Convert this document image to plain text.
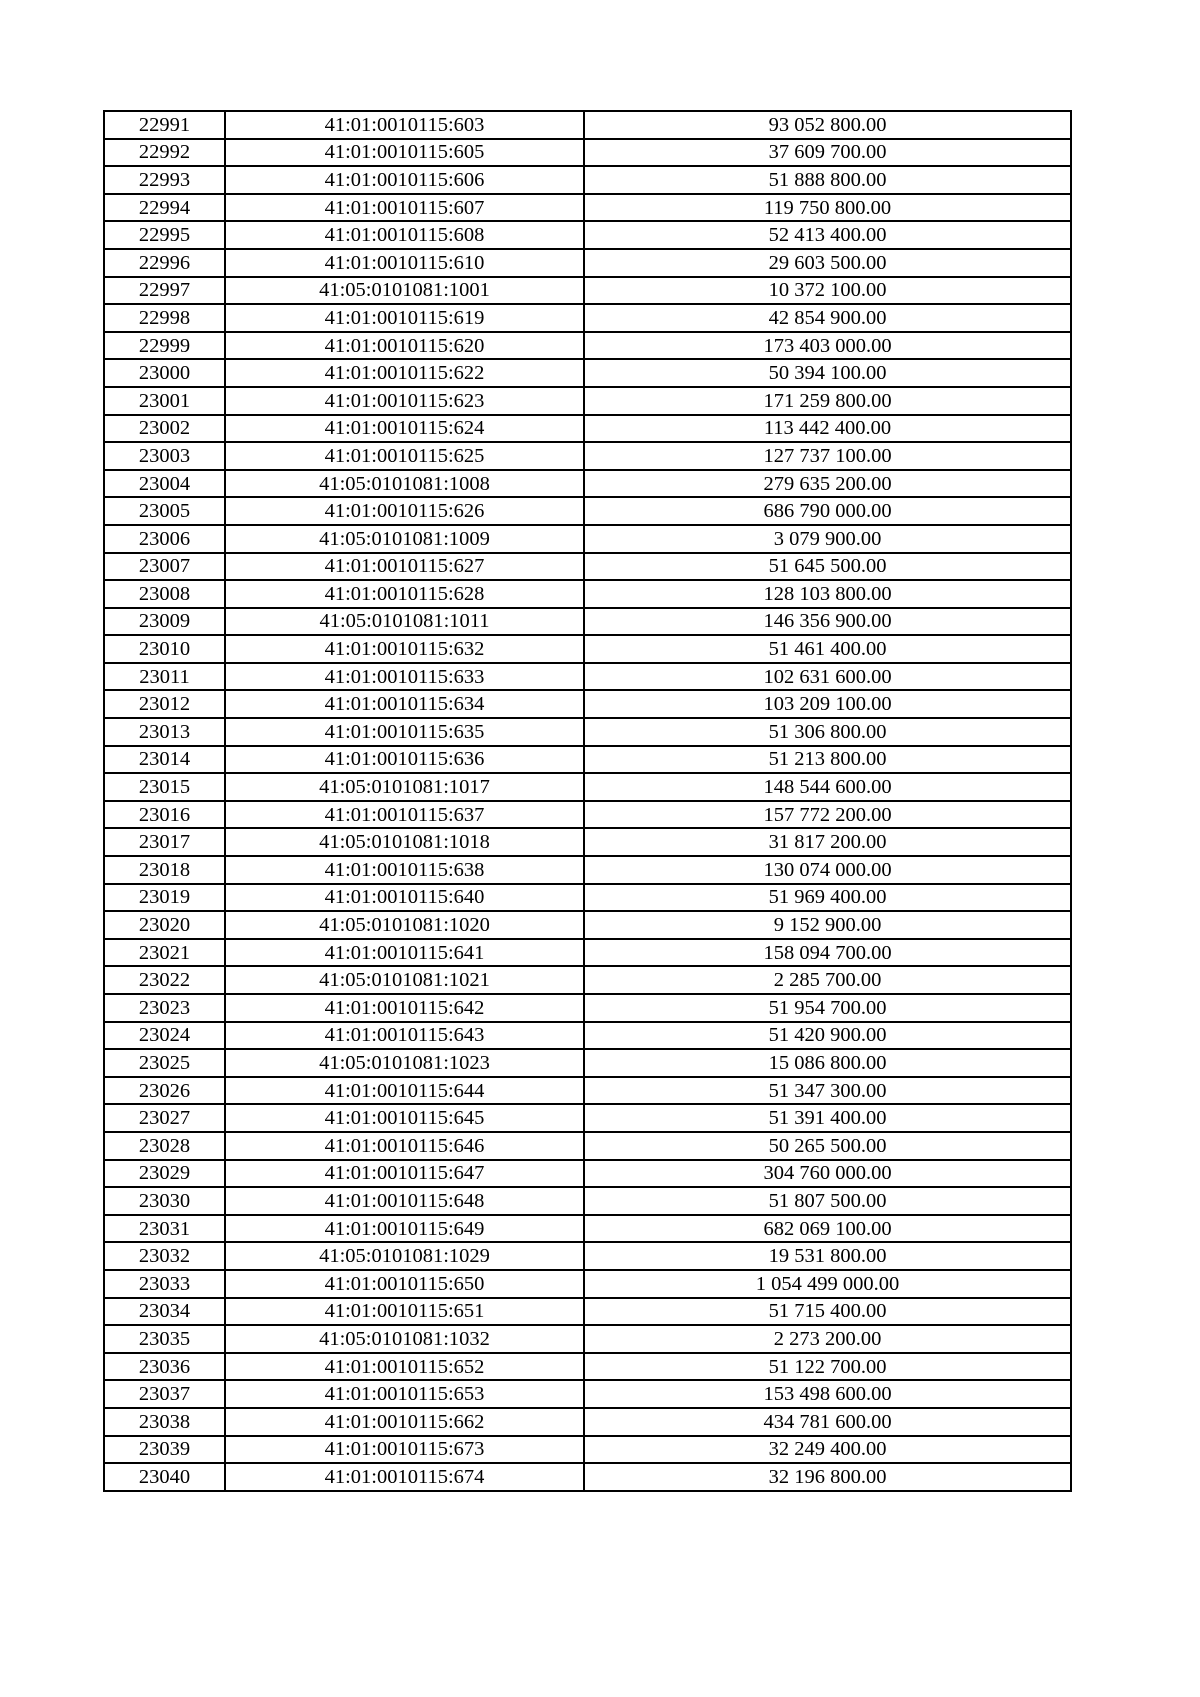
22991	41:01:0010115:603	93 052 800.00
22992	41:01:0010115:605	37 609 700.00
22993	41:01:0010115:606	51 888 800.00
22994	41:01:0010115:607	119 750 800.00
22995	41:01:0010115:608	52 413 400.00
22996	41:01:0010115:610	29 603 500.00
22997	41:05:0101081:1001	10 372 100.00
22998	41:01:0010115:619	42 854 900.00
22999	41:01:0010115:620	173 403 000.00
23000	41:01:0010115:622	50 394 100.00
23001	41:01:0010115:623	171 259 800.00
23002	41:01:0010115:624	113 442 400.00
23003	41:01:0010115:625	127 737 100.00
23004	41:05:0101081:1008	279 635 200.00
23005	41:01:0010115:626	686 790 000.00
23006	41:05:0101081:1009	3 079 900.00
23007	41:01:0010115:627	51 645 500.00
23008	41:01:0010115:628	128 103 800.00
23009	41:05:0101081:1011	146 356 900.00
23010	41:01:0010115:632	51 461 400.00
23011	41:01:0010115:633	102 631 600.00
23012	41:01:0010115:634	103 209 100.00
23013	41:01:0010115:635	51 306 800.00
23014	41:01:0010115:636	51 213 800.00
23015	41:05:0101081:1017	148 544 600.00
23016	41:01:0010115:637	157 772 200.00
23017	41:05:0101081:1018	31 817 200.00
23018	41:01:0010115:638	130 074 000.00
23019	41:01:0010115:640	51 969 400.00
23020	41:05:0101081:1020	9 152 900.00
23021	41:01:0010115:641	158 094 700.00
23022	41:05:0101081:1021	2 285 700.00
23023	41:01:0010115:642	51 954 700.00
23024	41:01:0010115:643	51 420 900.00
23025	41:05:0101081:1023	15 086 800.00
23026	41:01:0010115:644	51 347 300.00
23027	41:01:0010115:645	51 391 400.00
23028	41:01:0010115:646	50 265 500.00
23029	41:01:0010115:647	304 760 000.00
23030	41:01:0010115:648	51 807 500.00
23031	41:01:0010115:649	682 069 100.00
23032	41:05:0101081:1029	19 531 800.00
23033	41:01:0010115:650	1 054 499 000.00
23034	41:01:0010115:651	51 715 400.00
23035	41:05:0101081:1032	2 273 200.00
23036	41:01:0010115:652	51 122 700.00
23037	41:01:0010115:653	153 498 600.00
23038	41:01:0010115:662	434 781 600.00
23039	41:01:0010115:673	32 249 400.00
23040	41:01:0010115:674	32 196 800.00
